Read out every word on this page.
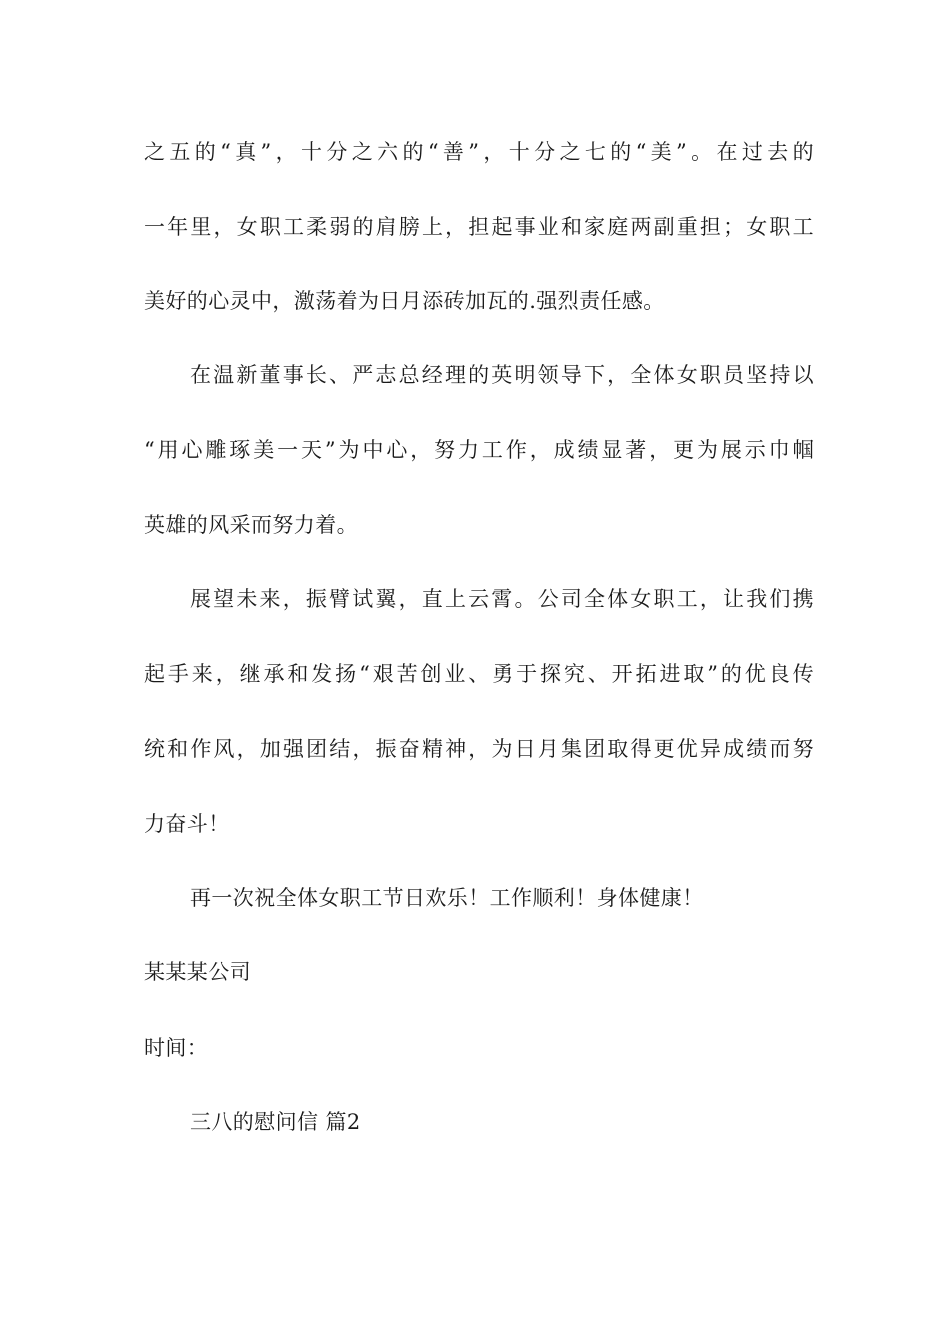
之五的“真”，十分之六的“善”，十分之七的“美”。在过去的
一年里，女职工柔弱的肩膀上，担起事业和家庭两副重担；女职工
美好的心灵中，激荡着为日月添砖加瓦的.强烈责任感。
在温新董事长、严志总经理的英明领导下，全体女职员坚持以
“用心雕琢美一天”为中心，努力工作，成绩显著，更为展示巾帼
英雄的风采而努力着。
展望未来，振臂试翼，直上云霄。公司全体女职工，让我们携
起手来，继承和发扬“艰苦创业、勇于探究、开拓进取”的优良传
统和作风，加强团结，振奋精神，为日月集团取得更优异成绩而努
力奋斗！
再一次祝全体女职工节日欢乐！工作顺利！身体健康！
某某某公司
时间：
三八的慰问信 篇2
